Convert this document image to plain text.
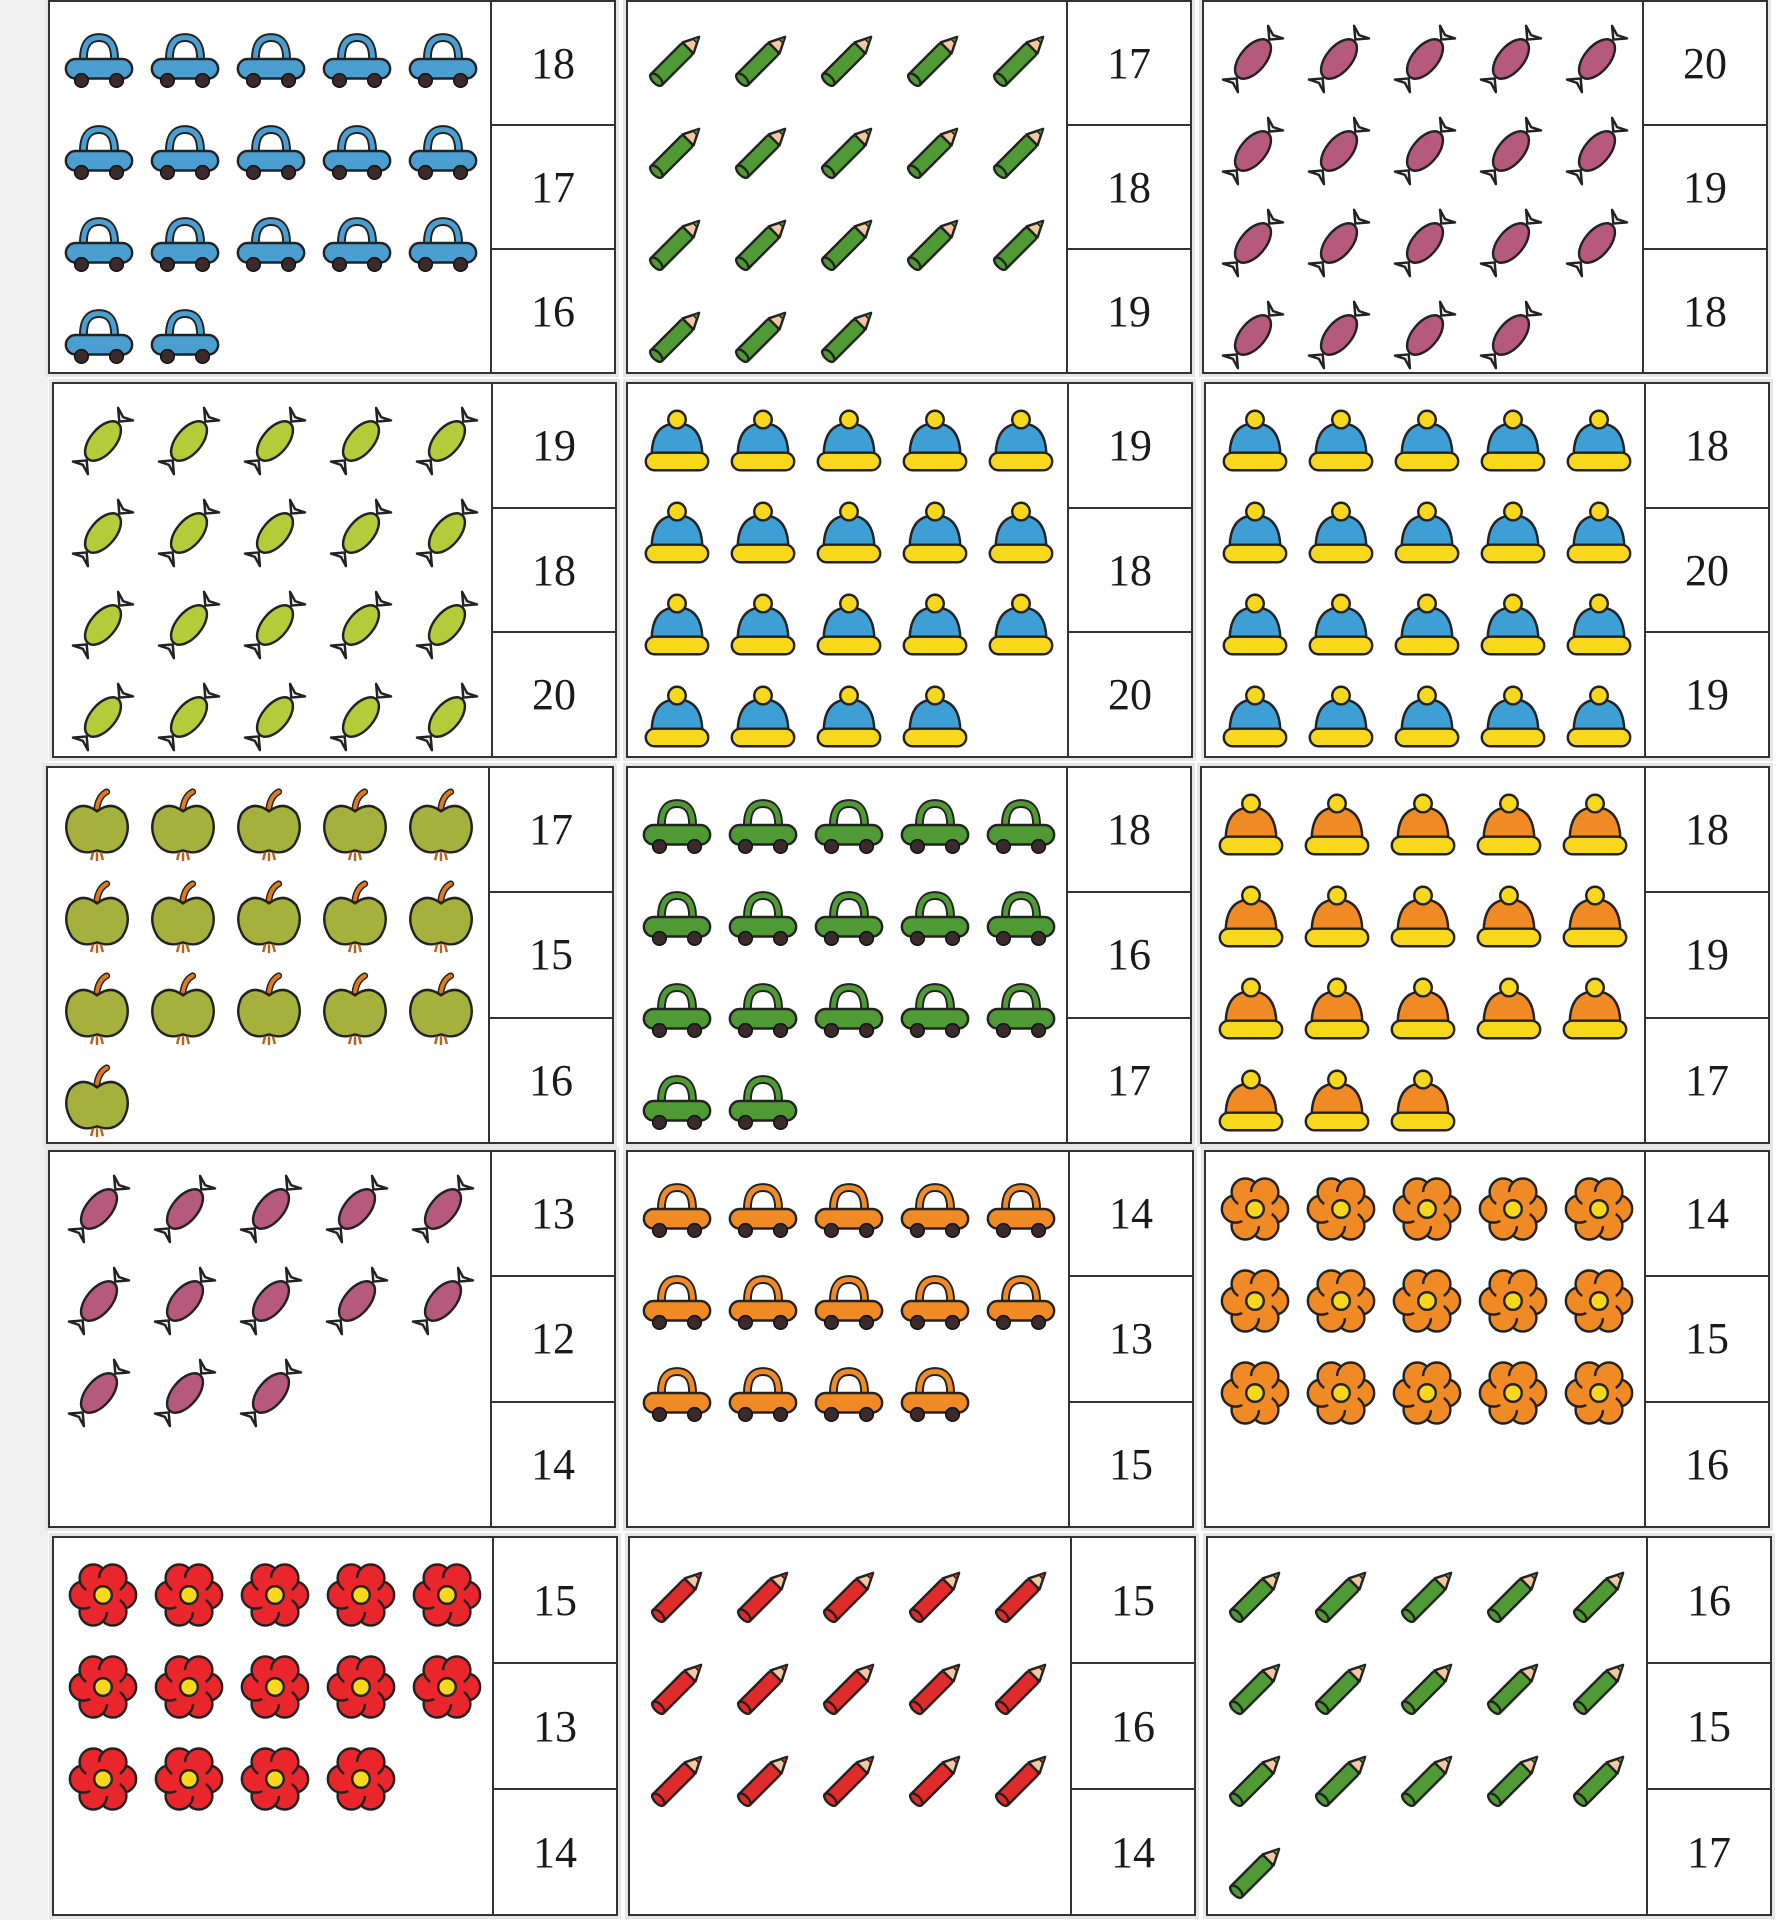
18
17
16
17
18
19
20
19
18
19
18
20
19
18
20
18
20
19
17
15
16
18
16
17
18
19
17
13
12
14
14
13
15
14
15
16
15
13
14
15
16
14
16
15
17
